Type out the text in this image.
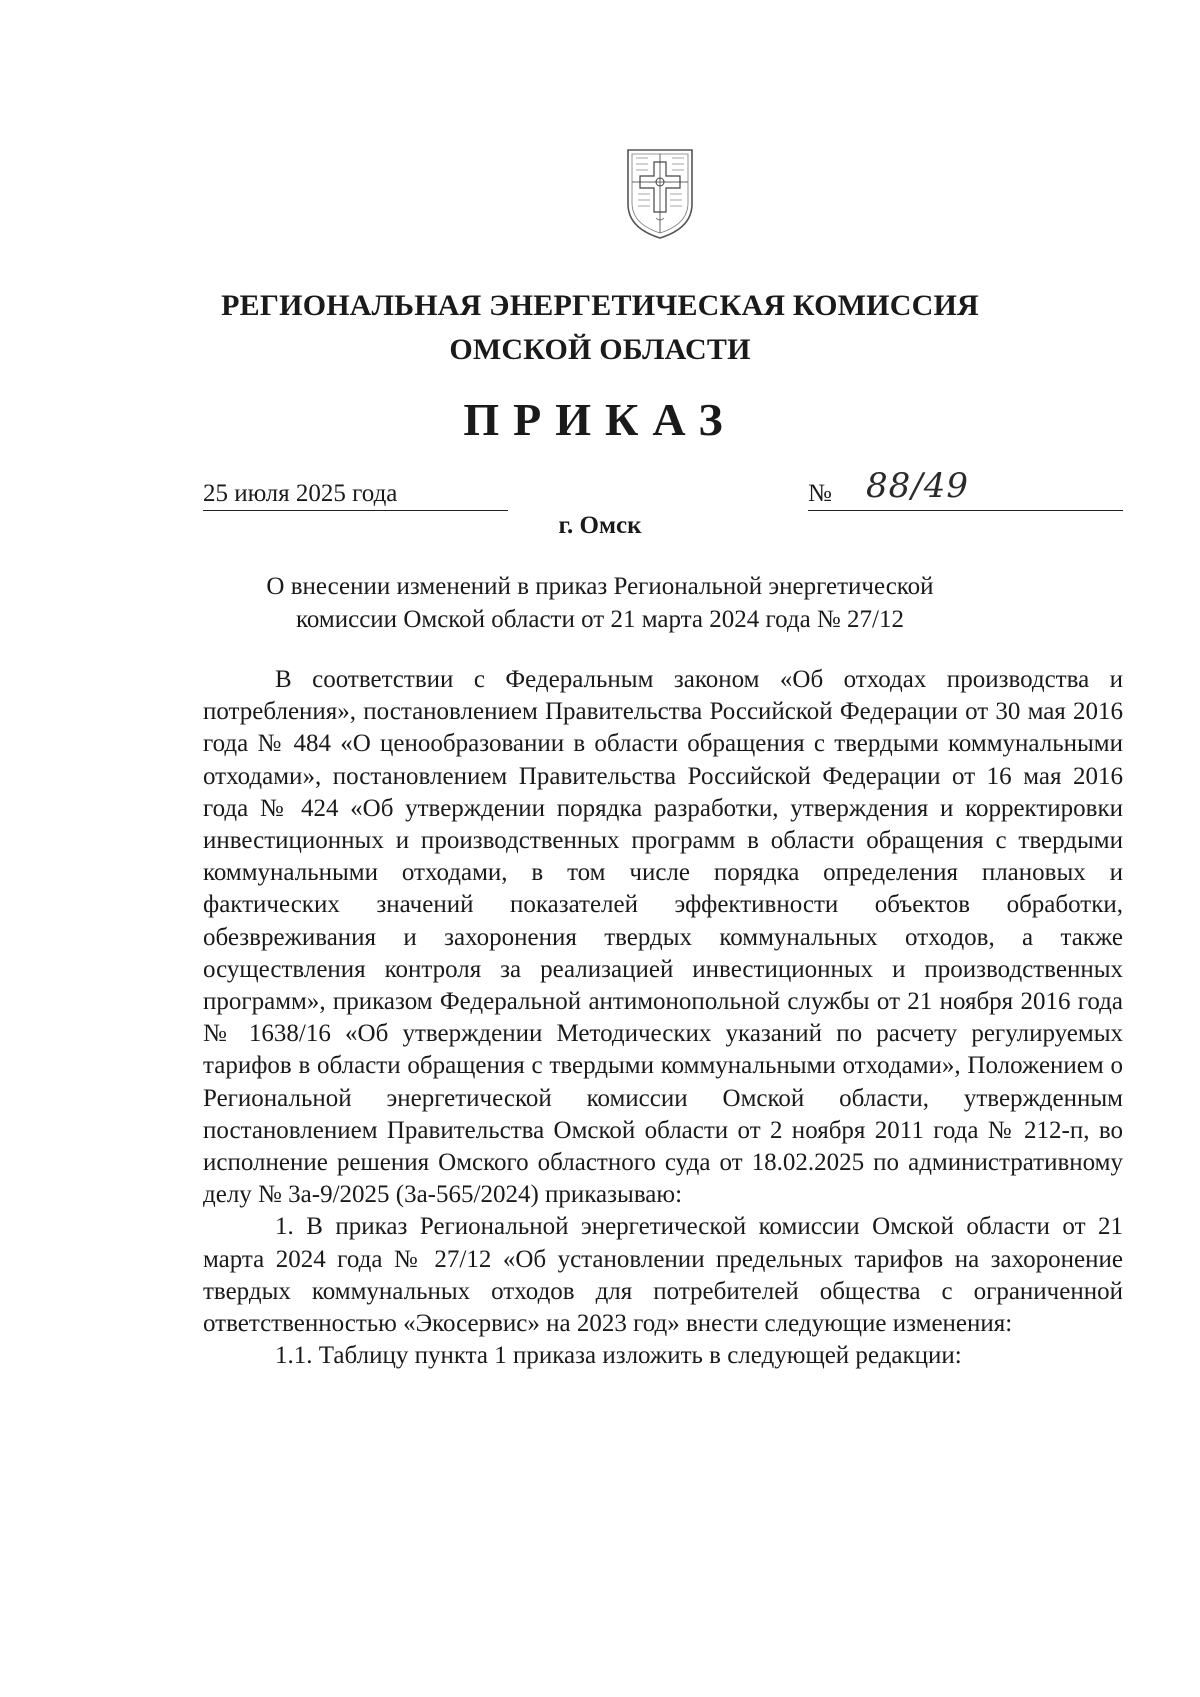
РЕГИОНАЛЬНАЯ ЭНЕРГЕТИЧЕСКАЯ КОМИССИЯ
ОМСКОЙ ОБЛАСТИ
ПРИКАЗ
25 июля 2025 года	№ 88/49
г. Омск
О внесении изменений в приказ Региональной энергетической
комиссии Омской области от 21 марта 2024 года № 27/12

В соответствии с Федеральным законом «Об отходах производства и потребления», постановлением Правительства Российской Федерации от 30 мая 2016 года № 484 «О ценообразовании в области обращения с твердыми коммунальными отходами», постановлением Правительства Российской Федерации от 16 мая 2016 года № 424 «Об утверждении порядка разработки, утверждения и корректировки инвестиционных и производственных программ в области обращения с твердыми коммунальными отходами, в том числе порядка определения плановых и фактических значений показателей эффективности объектов обработки, обезвреживания и захоронения твердых коммунальных отходов, а также осуществления контроля за реализацией инвестиционных и производственных программ», приказом Федеральной антимонопольной службы от 21 ноября 2016 года № 1638/16 «Об утверждении Методических указаний по расчету регулируемых тарифов в области обращения с твердыми коммунальными отходами», Положением о Региональной энергетической комиссии Омской области, утвержденным постановлением Правительства Омской области от 2 ноября 2011 года № 212-п, во исполнение решения Омского областного суда от 18.02.2025 по административному делу № 3а-9/2025 (3а-565/2024) приказываю:

1. В приказ Региональной энергетической комиссии Омской области от 21 марта 2024 года № 27/12 «Об установлении предельных тарифов на захоронение твердых коммунальных отходов для потребителей общества с ограниченной ответственностью «Экосервис» на 2023 год» внести следующие изменения:

1.1. Таблицу пункта 1 приказа изложить в следующей редакции:
